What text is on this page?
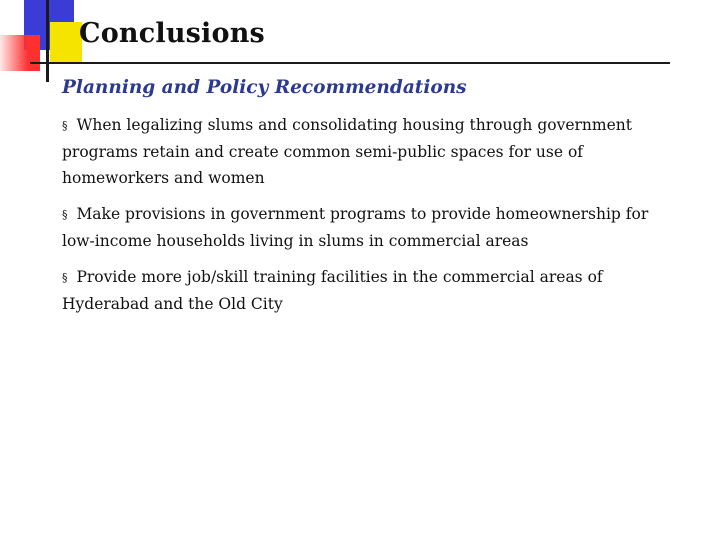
Conclusions
Planning and Policy Recommendations
§ When legalizing slums and consolidating housing through government programs retain and create common semi-public spaces for use of homeworkers and women
§ Make provisions in government programs to provide homeownership for low-income households living in slums in commercial areas
§ Provide more job/skill training facilities in the commercial areas of Hyderabad and the Old City
